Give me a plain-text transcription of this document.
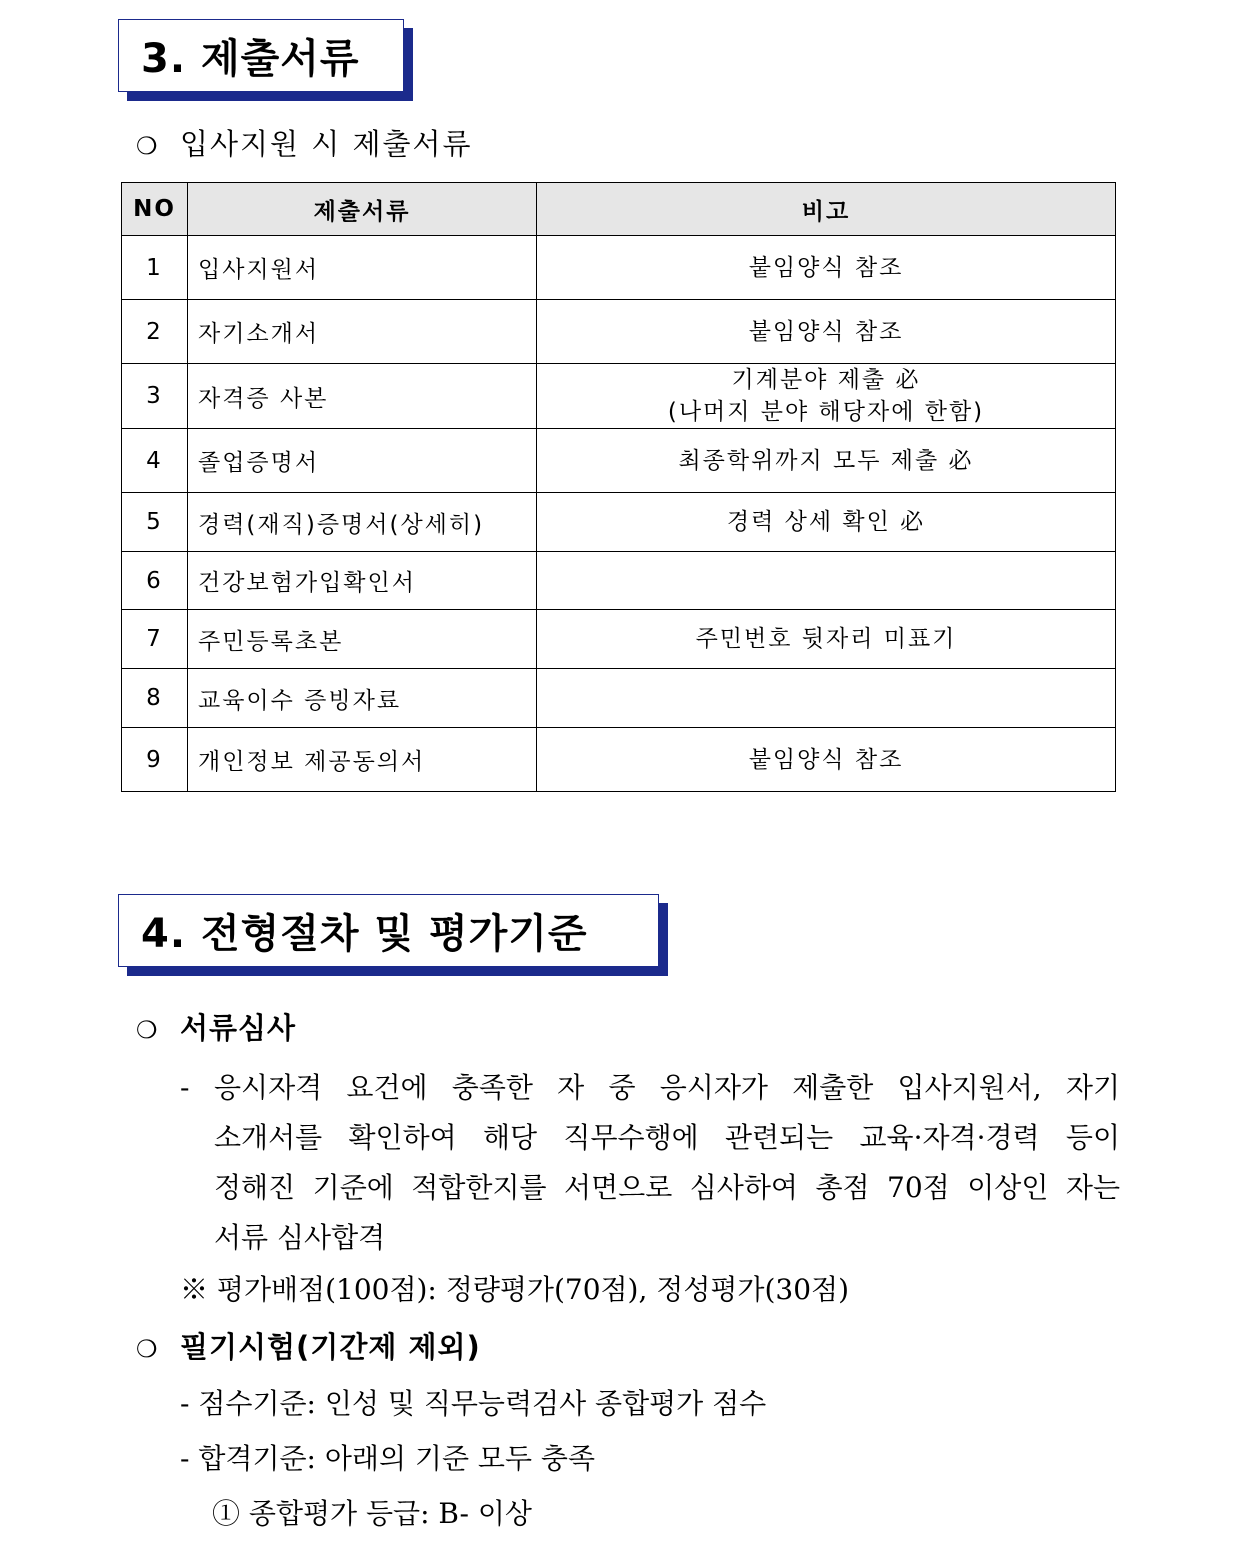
3. 제출서류
❍ 입사지원 시 제출서류
NO	제출서류	비고
1	입사지원서	붙임양식 참조
2	자기소개서	붙임양식 참조
3	자격증 사본	기계분야 제출 必
(나머지 분야 해당자에 한함)

4	졸업증명서	최종학위까지 모두 제출 必
5	경력(재직)증명서(상세히)	경력 상세 확인 必
6	건강보험가입확인서	
7	주민등록초본	주민번호 뒷자리 미표기
8	교육이수 증빙자료	
9	개인정보 제공동의서	붙임양식 참조
4. 전형절차 및 평가기준
❍ 서류심사
- 응시자격 요건에 충족한 자 중 응시자가 제출한 입사지원서, 자기
소개서를 확인하여 해당 직무수행에 관련되는 교육·자격·경력 등이
정해진 기준에 적합한지를 서면으로 심사하여 총점 70점 이상인 자는
서류 심사합격
※ 평가배점(100점): 정량평가(70점), 정성평가(30점)
❍ 필기시험(기간제 제외)
- 점수기준: 인성 및 직무능력검사 종합평가 점수
- 합격기준: 아래의 기준 모두 충족
① 종합평가 등급: B- 이상
